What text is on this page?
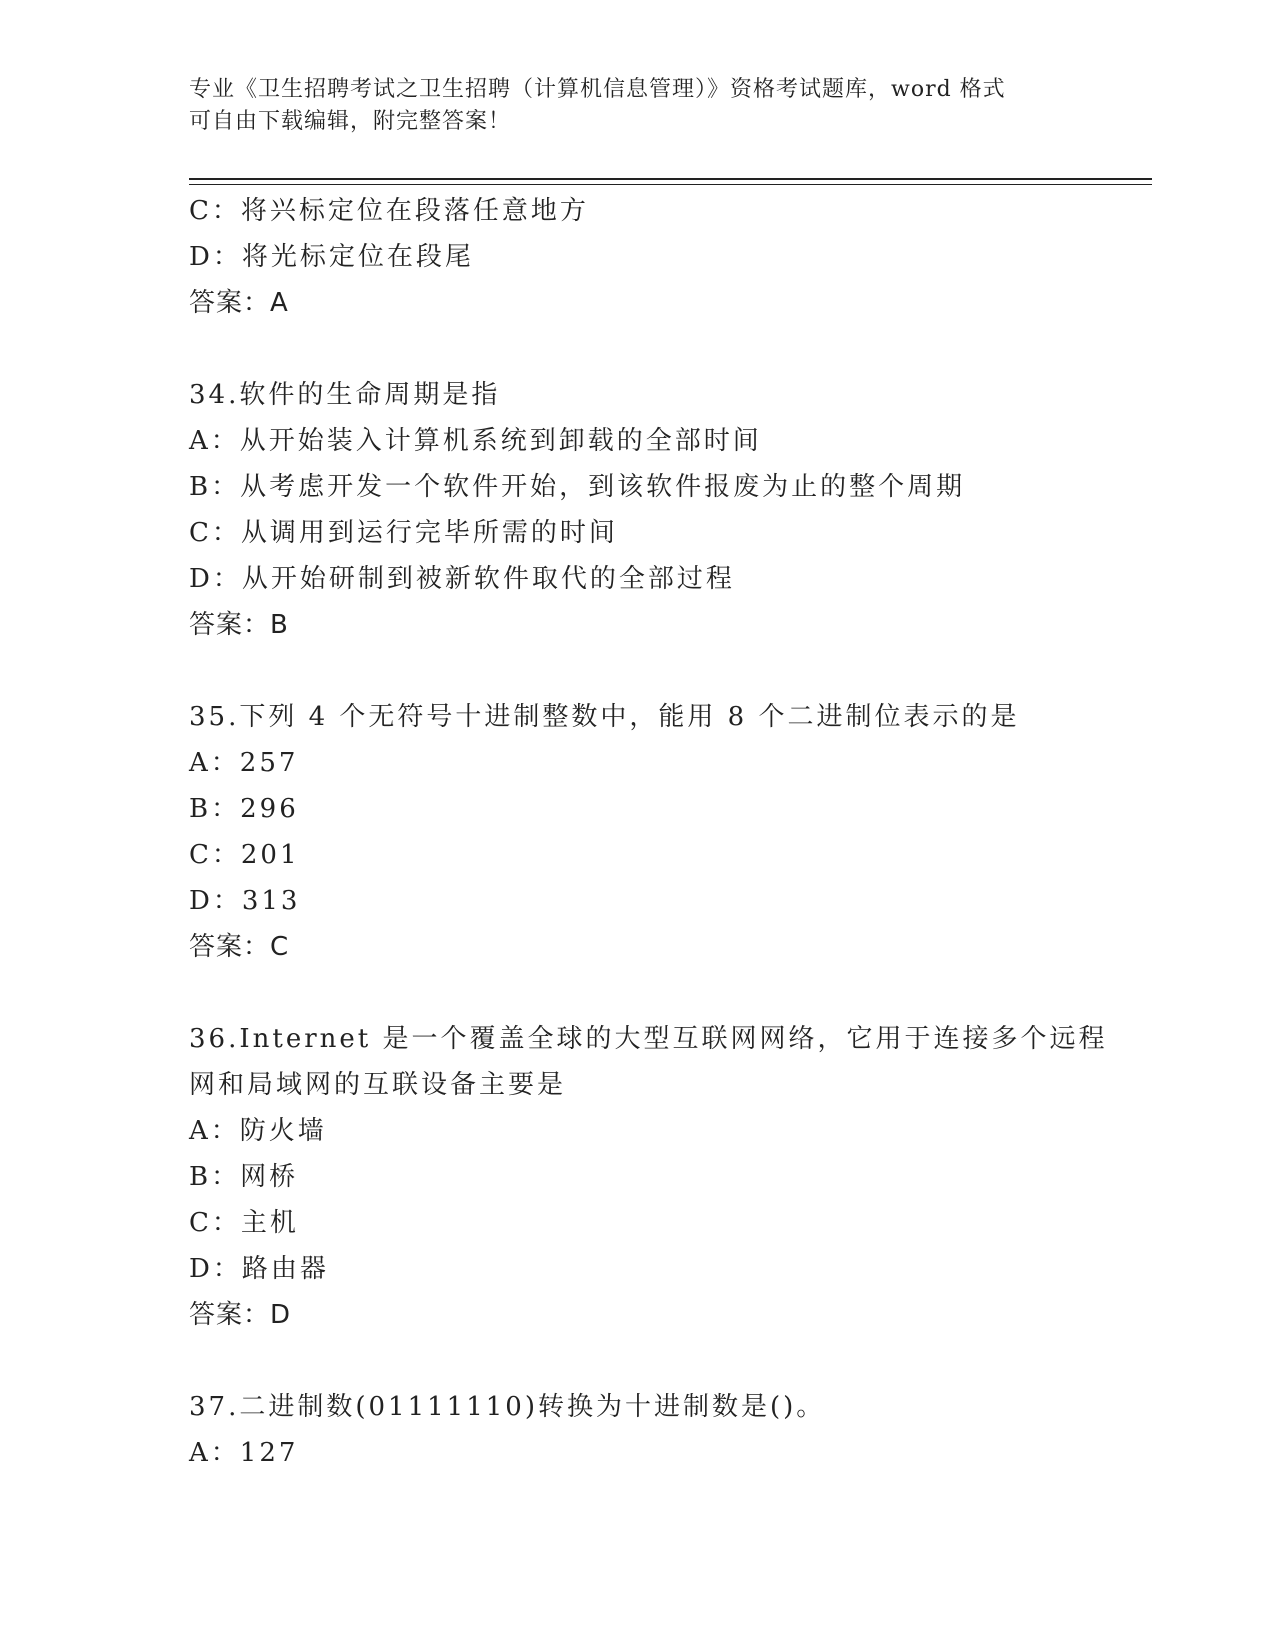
专业《卫生招聘考试之卫生招聘（计算机信息管理）》资格考试题库，word 格式
可自由下载编辑，附完整答案！
C：将兴标定位在段落任意地方
D：将光标定位在段尾
答案：A
34.软件的生命周期是指
A：从开始装入计算机系统到卸载的全部时间
B：从考虑开发一个软件开始，到该软件报废为止的整个周期
C：从调用到运行完毕所需的时间
D：从开始研制到被新软件取代的全部过程
答案：B
35.下列 4 个无符号十进制整数中，能用 8 个二进制位表示的是
A：257
B：296
C：201
D：313
答案：C
36.Internet 是一个覆盖全球的大型互联网网络，它用于连接多个远程
网和局域网的互联设备主要是
A：防火墙
B：网桥
C：主机
D：路由器
答案：D
37.二进制数(01111110)转换为十进制数是()。
A：127
